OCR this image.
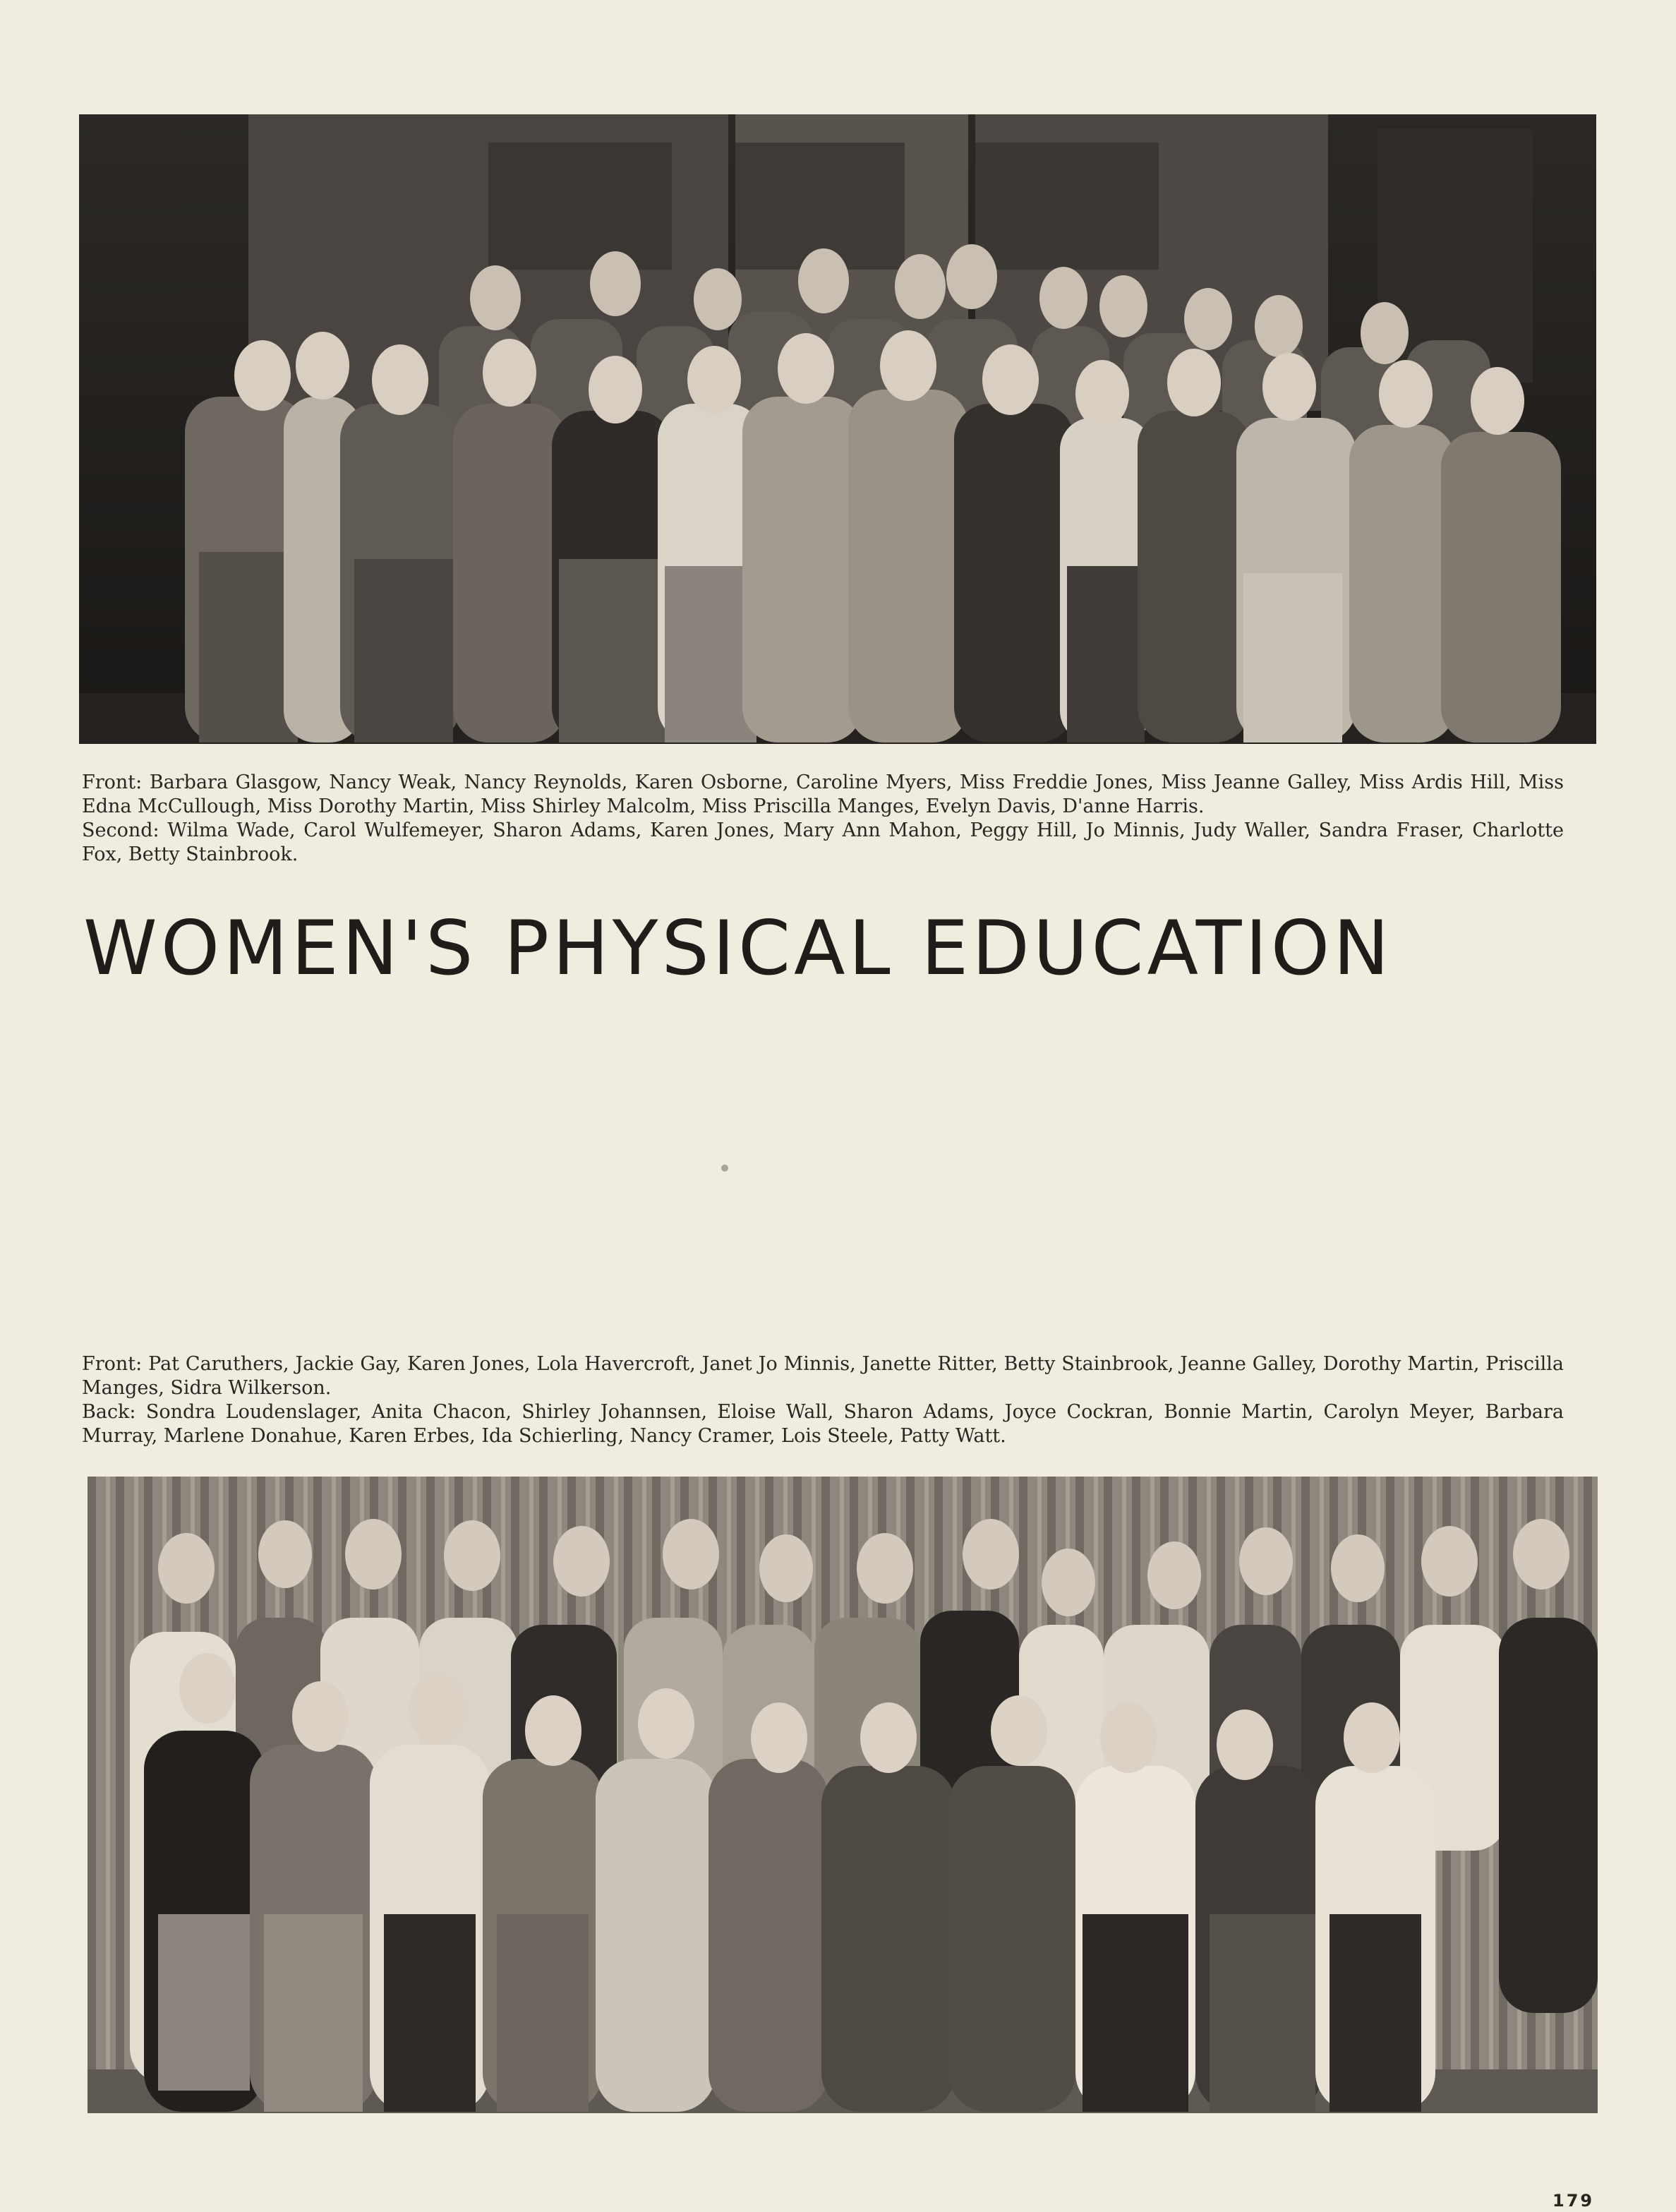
Front: Barbara Glasgow, Nancy Weak, Nancy Reynolds, Karen Osborne, Caroline Myers, Miss Freddie Jones, Miss Jeanne Galley, Miss Ardis Hill, Miss Edna McCullough, Miss Dorothy Martin, Miss Shirley Malcolm, Miss Priscilla Manges, Evelyn Davis, D'anne Harris.

Second: Wilma Wade, Carol Wulfemeyer, Sharon Adams, Karen Jones, Mary Ann Mahon, Peggy Hill, Jo Minnis, Judy Waller, Sandra Fraser, Charlotte Fox, Betty Stainbrook.

WOMEN'S PHYSICAL EDUCATION

Front: Pat Caruthers, Jackie Gay, Karen Jones, Lola Havercroft, Janet Jo Minnis, Janette Ritter, Betty Stainbrook, Jeanne Galley, Dorothy Martin, Priscilla Manges, Sidra Wilkerson.

Back: Sondra Loudenslager, Anita Chacon, Shirley Johannsen, Eloise Wall, Sharon Adams, Joyce Cockran, Bonnie Martin, Carolyn Meyer, Barbara Murray, Marlene Donahue, Karen Erbes, Ida Schierling, Nancy Cramer, Lois Steele, Patty Watt.

179
